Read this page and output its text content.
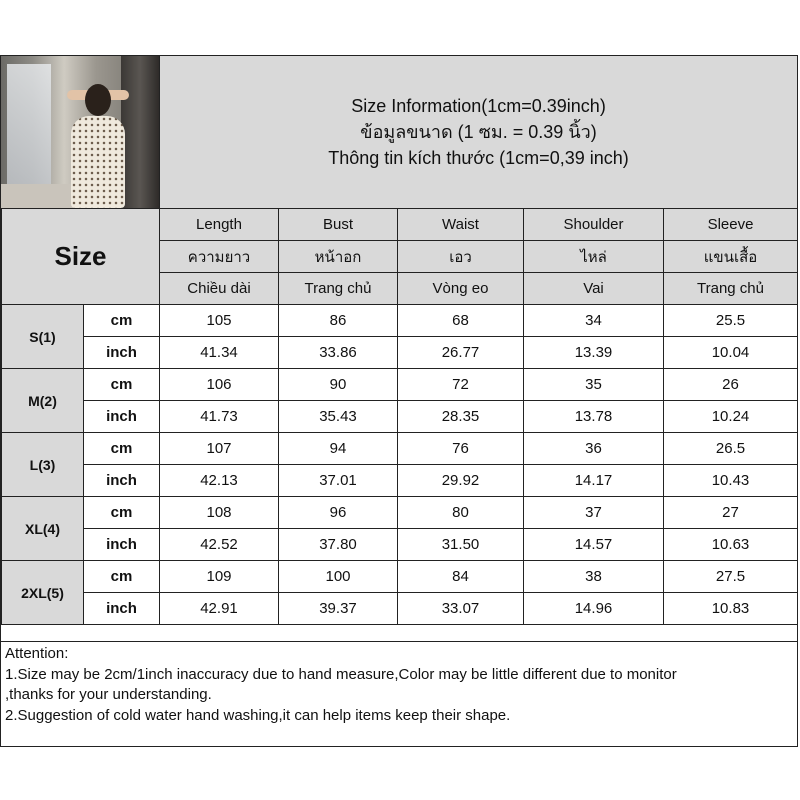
Size Information(1cm=0.39inch)
ข้อมูลขนาด (1 ซม. = 0.39 นิ้ว)
Thông tin kích thước (1cm=0,39 inch)
Size		Length	Bust	Waist	Shoulder	Sleeve
		ความยาว	หน้าอก	เอว	ไหล่	แขนเสื้อ
		Chiều dài	Trang chủ	Vòng eo	Vai	Trang chủ
S(1)	cm	105	86	68	34	25.5
	inch	41.34	33.86	26.77	13.39	10.04
M(2)	cm	106	90	72	35	26
	inch	41.73	35.43	28.35	13.78	10.24
L(3)	cm	107	94	76	36	26.5
	inch	42.13	37.01	29.92	14.17	10.43
XL(4)	cm	108	96	80	37	27
	inch	42.52	37.80	31.50	14.57	10.63
2XL(5)	cm	109	100	84	38	27.5
	inch	42.91	39.37	33.07	14.96	10.83
Attention:
1.Size may be 2cm/1inch inaccuracy due to hand measure,Color may be little different due to monitor
,thanks for your understanding.
2.Suggestion of cold water hand washing,it can help items keep their shape.
